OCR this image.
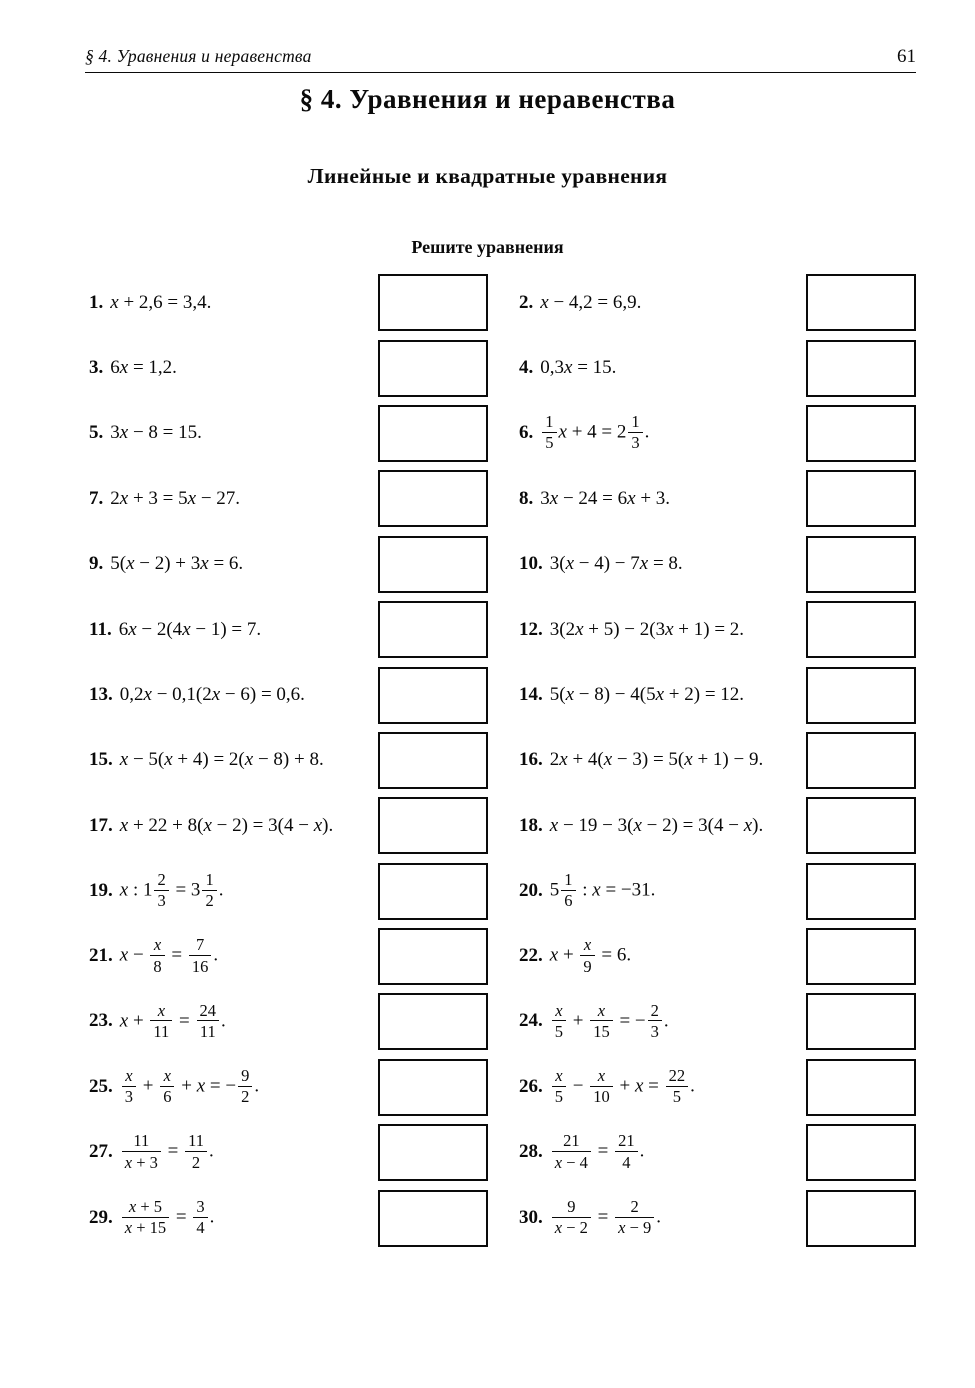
§ 4. Уравнения и неравенства	61
§ 4. Уравнения и неравенства
Линейные и квадратные уравнения
Решите уравнения
1. x + 2,6 = 3,4.	2. x − 4,2 = 6,9.
3. 6x = 1,2.	4. 0,3x = 15.
5. 3x − 8 = 15.	6. $\frac{1}{5}$ $x + 4 = 2 \frac{1}{3}$ .
7. 2x + 3 = 5x − 27.	8. 3x − 24 = 6x + 3.
9. 5(x − 2) + 3x = 6.	10. 3(x − 4) − 7x = 8.
11. 6x − 2(4x − 1) = 7.	12. 3(2x + 5) − 2(3x + 1) = 2.
13. 0,2x − 0,1(2x − 6) = 0,6.	14. 5(x − 8) − 4(5x + 2) = 12.
15. x − 5(x + 4) = 2(x − 8) + 8.	16. 2x + 4(x − 3) = 5(x + 1) − 9.
17. x + 22 + 8(x − 2) = 3(4 − x).	18. x − 19 − 3(x − 2) = 3(4 − x).
19. x : $1 \frac{2}{3} = 3 \frac{1}{2}$ .	20. $5 \frac{1}{6}$ : x = −31.
21. $x - \frac{x}{8} = \frac{7}{16}$ .	22. $x + \frac{x}{9} = 6$.
23. $x + \frac{x}{11} = \frac{24}{11}$ .	24. $\frac{x}{5} + \frac{x}{15}$ = − $\frac{2}{3}$ .
25. $\frac{x}{3} + \frac{x}{6} + x$ = − $\frac{9}{2}$ .	26. $\frac{x}{5} - \frac{x}{10} + x = \frac{22}{5}$ .
27. $\frac{11}{x + 3} = \frac{11}{2}$ .	28. $\frac{21}{x - 4} = \frac{21}{4}$ .
29. $\frac{x + 5}{x + 15} = \frac{3}{4}$ .	30. $\frac{9}{x - 2} = \frac{2}{x - 9}$ .
